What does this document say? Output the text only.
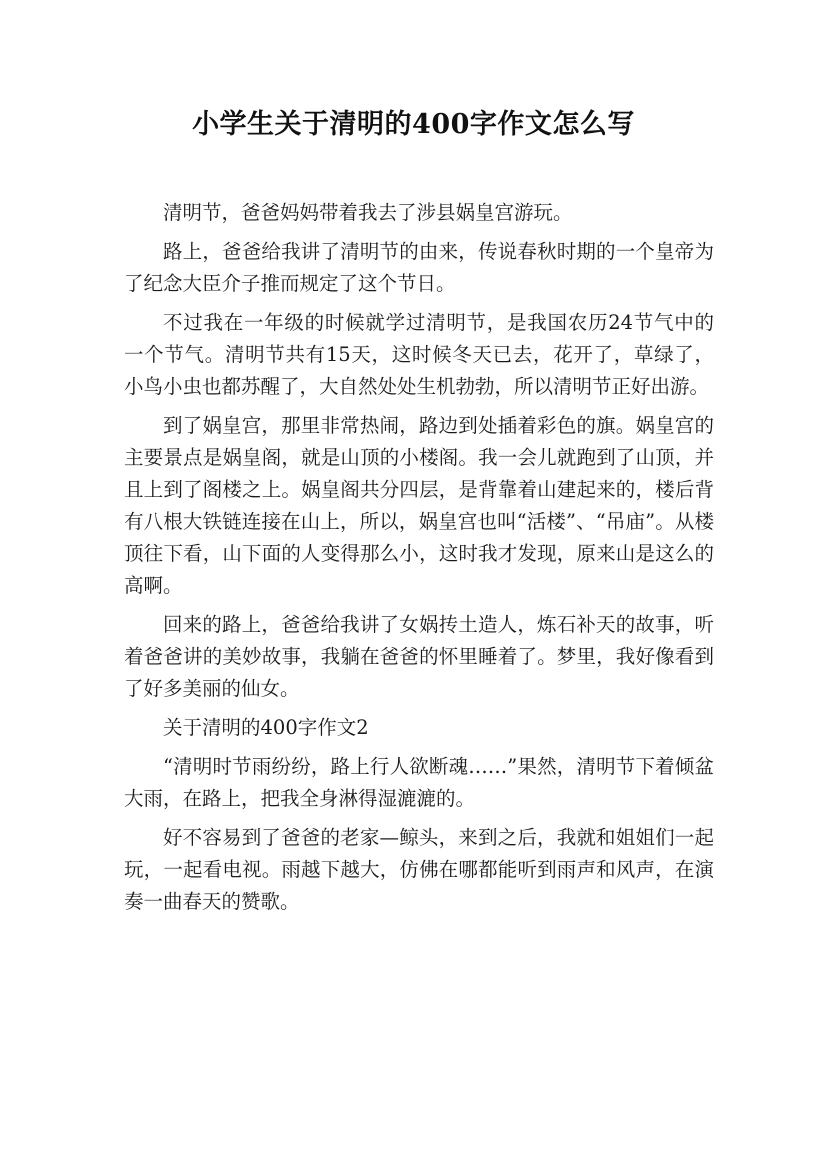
小学生关于清明的400字作文怎么写

清明节，爸爸妈妈带着我去了涉县娲皇宫游玩。

路上，爸爸给我讲了清明节的由来，传说春秋时期的一个皇帝为了纪念大臣介子推而规定了这个节日。

不过我在一年级的时候就学过清明节，是我国农历24节气中的一个节气。清明节共有15天，这时候冬天已去，花开了，草绿了，小鸟小虫也都苏醒了，大自然处处生机勃勃，所以清明节正好出游。

到了娲皇宫，那里非常热闹，路边到处插着彩色的旗。娲皇宫的主要景点是娲皇阁，就是山顶的小楼阁。我一会儿就跑到了山顶，并且上到了阁楼之上。娲皇阁共分四层，是背靠着山建起来的，楼后背有八根大铁链连接在山上，所以，娲皇宫也叫“活楼”、“吊庙”。从楼顶往下看，山下面的人变得那么小，这时我才发现，原来山是这么的高啊。

回来的路上，爸爸给我讲了女娲抟土造人，炼石补天的故事，听着爸爸讲的美妙故事，我躺在爸爸的怀里睡着了。梦里，我好像看到了好多美丽的仙女。

关于清明的400字作文2

“清明时节雨纷纷，路上行人欲断魂……”果然，清明节下着倾盆大雨，在路上，把我全身淋得湿漉漉的。

好不容易到了爸爸的老家—鲸头，来到之后，我就和姐姐们一起玩，一起看电视。雨越下越大，仿佛在哪都能听到雨声和风声，在演奏一曲春天的赞歌。
